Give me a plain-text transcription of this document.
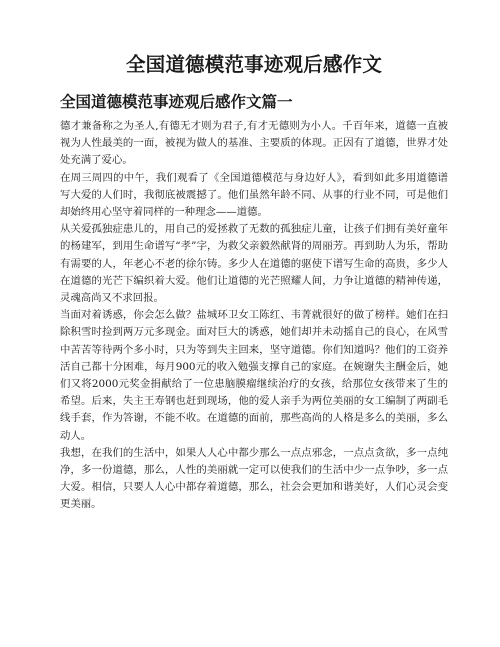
全国道德模范事迹观后感作文
全国道德模范事迹观后感作文篇一

德才兼备称之为圣人,有德无才则为君子,有才无德则为小人。千百年来，道德一直被视为人性最美的一面，被视为做人的基准、主要质的体现。正因有了道德，世界才处处充满了爱心。

在周三周四的中午，我们观看了《全国道德模范与身边好人》，看到如此多用道德谱写大爱的人们时，我彻底被震撼了。他们虽然年龄不同、从事的行业不同，可是他们却始终用心坚守着同样的一种理念——道德。

从关爱孤独症患儿的，用自己的爱拯救了无数的孤独症儿童，让孩子们拥有美好童年的杨建军，到用生命谱写“孝”字，为救父亲毅然献肾的周丽芳。再到助人为乐，帮助有需要的人，年老心不老的徐尔铸。多少人在道德的驱使下谱写生命的高贵，多少人在道德的光芒下编织着大爱。他们让道德的光芒照耀人间，力争让道德的精神传递，灵魂高尚又不求回报。

当面对着诱惑，你会怎么做？盐城环卫女工陈红、韦菁就很好的做了榜样。她们在扫除积雪时捡到两万元多现金。面对巨大的诱惑，她们却并未动摇自己的良心，在风雪中苦苦等待两个多小时，只为等到失主回来，坚守道德。你们知道吗？他们的工资养活自己都十分困难，每月900元的收入勉强支撑自己的家庭。在婉谢失主酬金后，她们又将2000元奖金捐献给了一位患脑膜瘤继续治疗的女孩，给那位女孩带来了生的希望。后来，失主王寿钢也赶到现场，他的爱人亲手为两位美丽的女工编制了两副毛线手套，作为答谢，不能不收。在道德的面前，那些高尚的人格是多么的美丽，多么动人。

我想，在我们的生活中，如果人人心中都少那么一点点邪念，一点点贪欲，多一点纯净，多一份道德，那么，人性的美丽就一定可以使我们的生活中少一点争吵，多一点大爱。相信，只要人人心中都存着道德，那么，社会会更加和谐美好，人们心灵会变更美丽。
